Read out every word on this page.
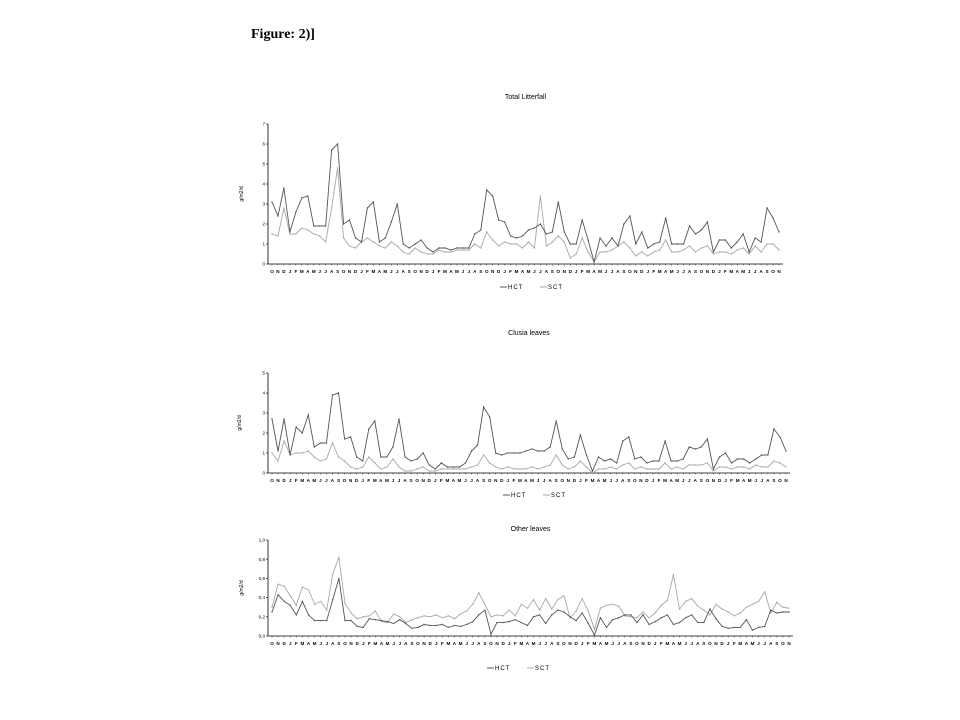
Figure: 2)]
Total Litterfall
g/m2/d
0
1
2
3
4
5
6
7
O N D J F M A M J J A S O N D J F M A M J J A S O N D J F M A M J J A S O N D J F M A M J J A S O N D J F M A M J J A S O N D J F M A M J J A S O N D J F M A M J J A S O N
HCT	SCT
Clusia leaves
g/m2/d
0
1
2
3
4
5
O N D J F M A M J J A S O N D J F M A M J J A S O N D J F M A M J J A S O N D J F M A M J J A S O N D J F M A M J J A S O N D J F M A M J J A S O N D J F M A M J J A S O N
HCT	SCT
Other leaves
g/m2/d
0,0
0,2
0,4
0,6
0,8
1,0
O N D J F M A M J J A S O N D J F M A M J J A S O N D J F M A M J J A S O N D J F M A M J J A S O N D J F M A M J J A S O N D J F M A M J J A S O N D J F M A M J J A S O N
HCT	SCT
